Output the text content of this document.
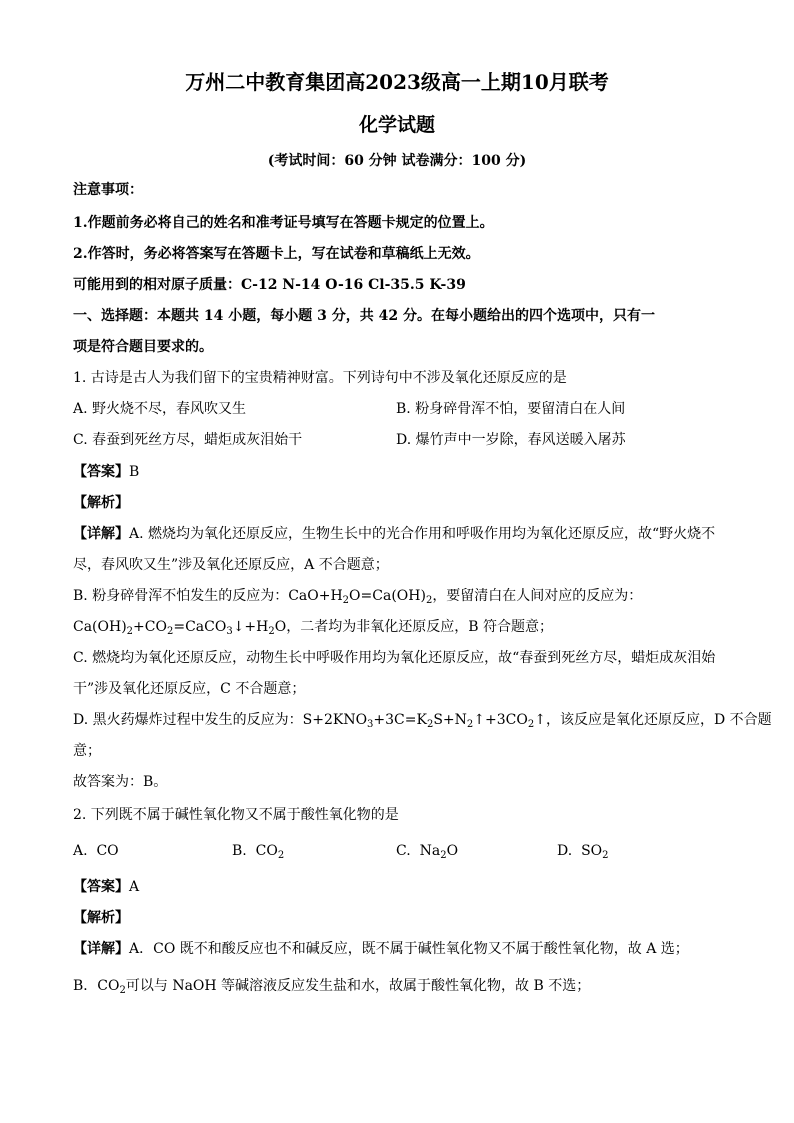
万州二中教育集团高2023级高一上期10月联考
化学试题
(考试时间：60 分钟 试卷满分：100 分)
注意事项：
1.作题前务必将自己的姓名和准考证号填写在答题卡规定的位置上。
2.作答时，务必将答案写在答题卡上，写在试卷和草稿纸上无效。
可能用到的相对原子质量：C-12 N-14 O-16 Cl-35.5 K-39
一、选择题：本题共 14 小题，每小题 3 分，共 42 分。在每小题给出的四个选项中，只有一
项是符合题目要求的。
1. 古诗是古人为我们留下的宝贵精神财富。下列诗句中不涉及氧化还原反应的是
A. 野火烧不尽，春风吹又生	B. 粉身碎骨浑不怕，要留清白在人间
C. 春蚕到死丝方尽，蜡炬成灰泪始干	D. 爆竹声中一岁除，春风送暖入屠苏
【答案】B
【解析】
【详解】A. 燃烧均为氧化还原反应，生物生长中的光合作用和呼吸作用均为氧化还原反应，故“野火烧不
尽，春风吹又生”涉及氧化还原反应，A 不合题意；
B. 粉身碎骨浑不怕发生的反应为：$CaO+H_2O=Ca(OH)_2$，要留清白在人间对应的反应为：
$Ca(OH)_2+CO_2=CaCO_3↓+H_2O$，二者均为非氧化还原反应，B 符合题意；
C. 燃烧均为氧化还原反应，动物生长中呼吸作用均为氧化还原反应，故“春蚕到死丝方尽，蜡炬成灰泪始
干”涉及氧化还原反应，C 不合题意；
D. 黑火药爆炸过程中发生的反应为：$S+2KNO_3+3C=K_2S+N_2↑+3CO_2↑$，该反应是氧化还原反应，D 不合题
意；
故答案为：B。
2. 下列既不属于碱性氧化物又不属于酸性氧化物的是
A. CO	B. $CO_2$	C. $Na_2O$	D. $SO_2$
【答案】A
【解析】
【详解】A．CO 既不和酸反应也不和碱反应，既不属于碱性氧化物又不属于酸性氧化物，故 A 选；
B．$CO_2$可以与 NaOH 等碱溶液反应发生盐和水，故属于酸性氧化物，故 B 不选；
